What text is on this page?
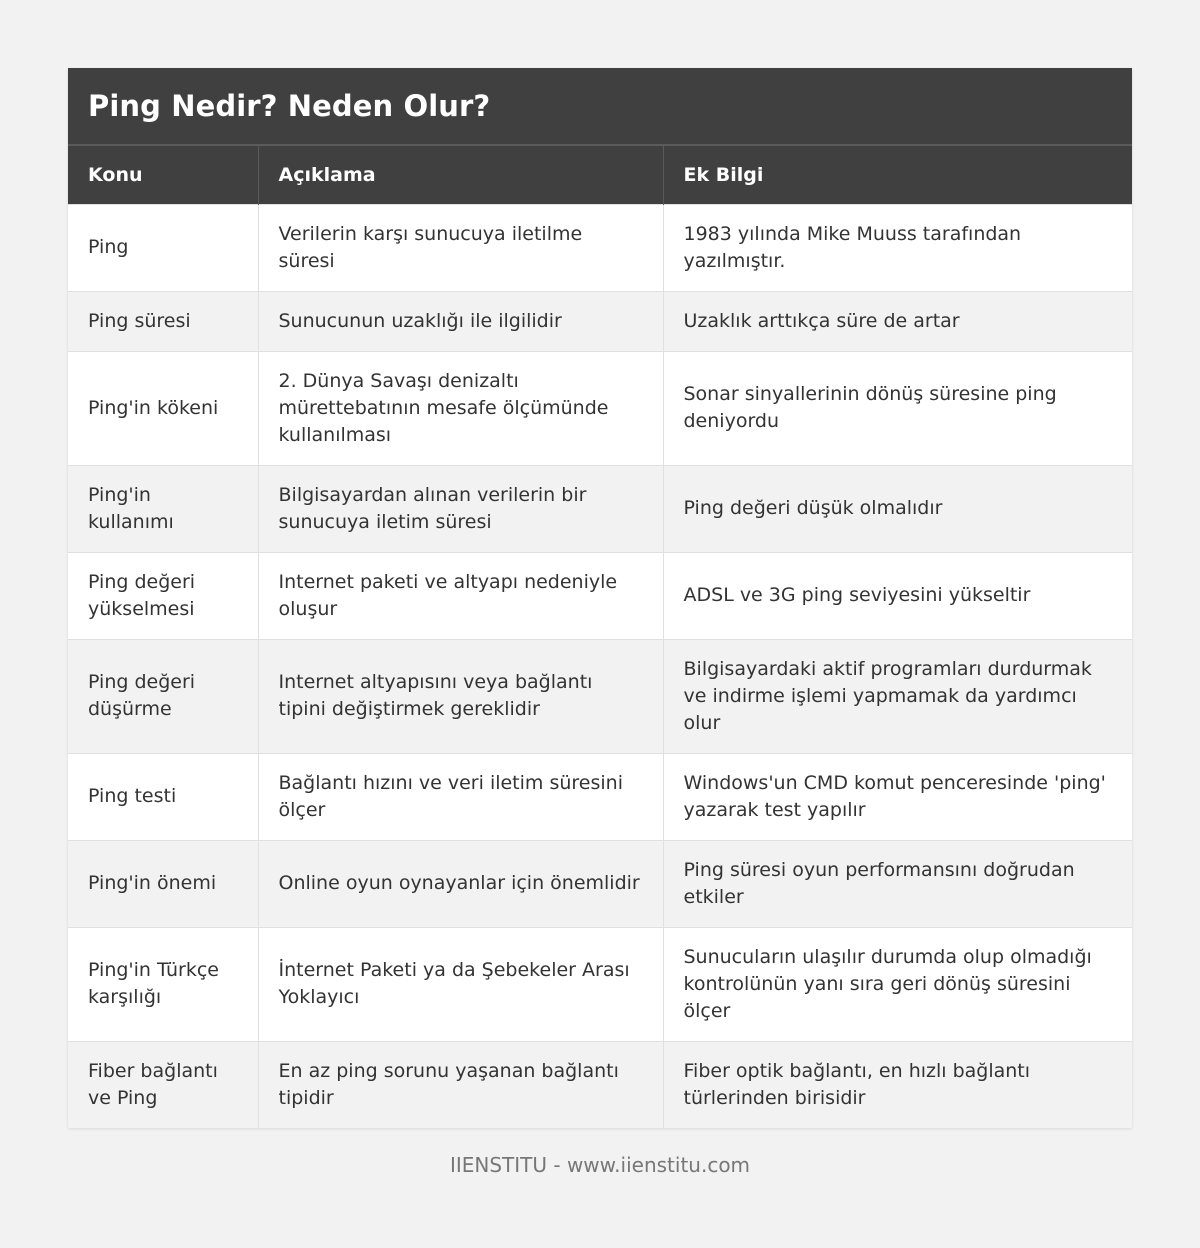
Ping Nedir? Neden Olur?
Konu	Açıklama	Ek Bilgi
Ping	Verilerin karşı sunucuya iletilme süresi	1983 yılında Mike Muuss tarafından yazılmıştır.
Ping süresi	Sunucunun uzaklığı ile ilgilidir	Uzaklık arttıkça süre de artar
Ping'in kökeni	2. Dünya Savaşı denizaltı mürettebatının mesafe ölçümünde kullanılması	Sonar sinyallerinin dönüş süresine ping deniyordu
Ping'in kullanımı	Bilgisayardan alınan verilerin bir sunucuya iletim süresi	Ping değeri düşük olmalıdır
Ping değeri yükselmesi	Internet paketi ve altyapı nedeniyle oluşur	ADSL ve 3G ping seviyesini yükseltir
Ping değeri düşürme	Internet altyapısını veya bağlantı tipini değiştirmek gereklidir	Bilgisayardaki aktif programları durdurmak ve indirme işlemi yapmamak da yardımcı olur
Ping testi	Bağlantı hızını ve veri iletim süresini ölçer	Windows'un CMD komut penceresinde 'ping' yazarak test yapılır
Ping'in önemi	Online oyun oynayanlar için önemlidir	Ping süresi oyun performansını doğrudan etkiler
Ping'in Türkçe karşılığı	İnternet Paketi ya da Şebekeler Arası Yoklayıcı	Sunucuların ulaşılır durumda olup olmadığı kontrolünün yanı sıra geri dönüş süresini ölçer
Fiber bağlantı ve Ping	En az ping sorunu yaşanan bağlantı tipidir	Fiber optik bağlantı, en hızlı bağlantı türlerinden birisidir
IIENSTITU - www.iienstitu.com
